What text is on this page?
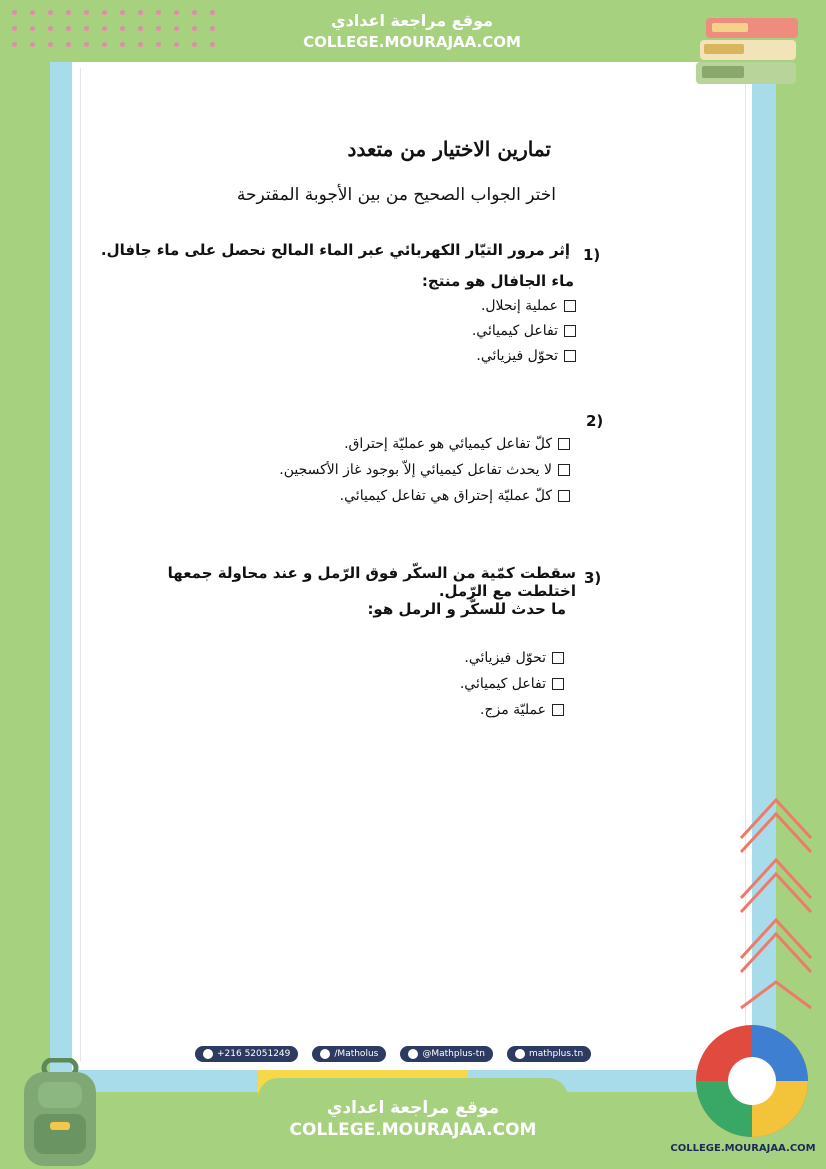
موقع مراجعة اعدادي
COLLEGE.MOURAJAA.COM
تمارين الاختيار من متعدد
اختر الجواب الصحيح من بين الأجوبة المقترحة
1)
إثر مرور التيّار الكهربائي عبر الماء المالح نحصل على ماء جافال.
ماء الجافال هو منتج:
عملية إنحلال.
تفاعل كيميائي.
تحوّل فيزيائي.
2)
كلّ تفاعل كيميائي هو عمليّة إحتراق.
لا يحدث تفاعل كيميائي إلاّ بوجود غاز الأكسجين.
كلّ عمليّة إحتراق هي تفاعل كيميائي.
3)
سقطت كمّية من السكّر فوق الرّمل و عند محاولة جمعها اختلطت مع الرّمل.
ما حدث للسكّر و الرمل هو:
تحوّل فيزيائي.
تفاعل كيميائي.
عمليّة مزج.
+216 52051249	/Matholus	@Mathplus-tn	mathplus.tn
موقع مراجعة اعدادي
COLLEGE.MOURAJAA.COM
COLLEGE.MOURAJAA.COM
